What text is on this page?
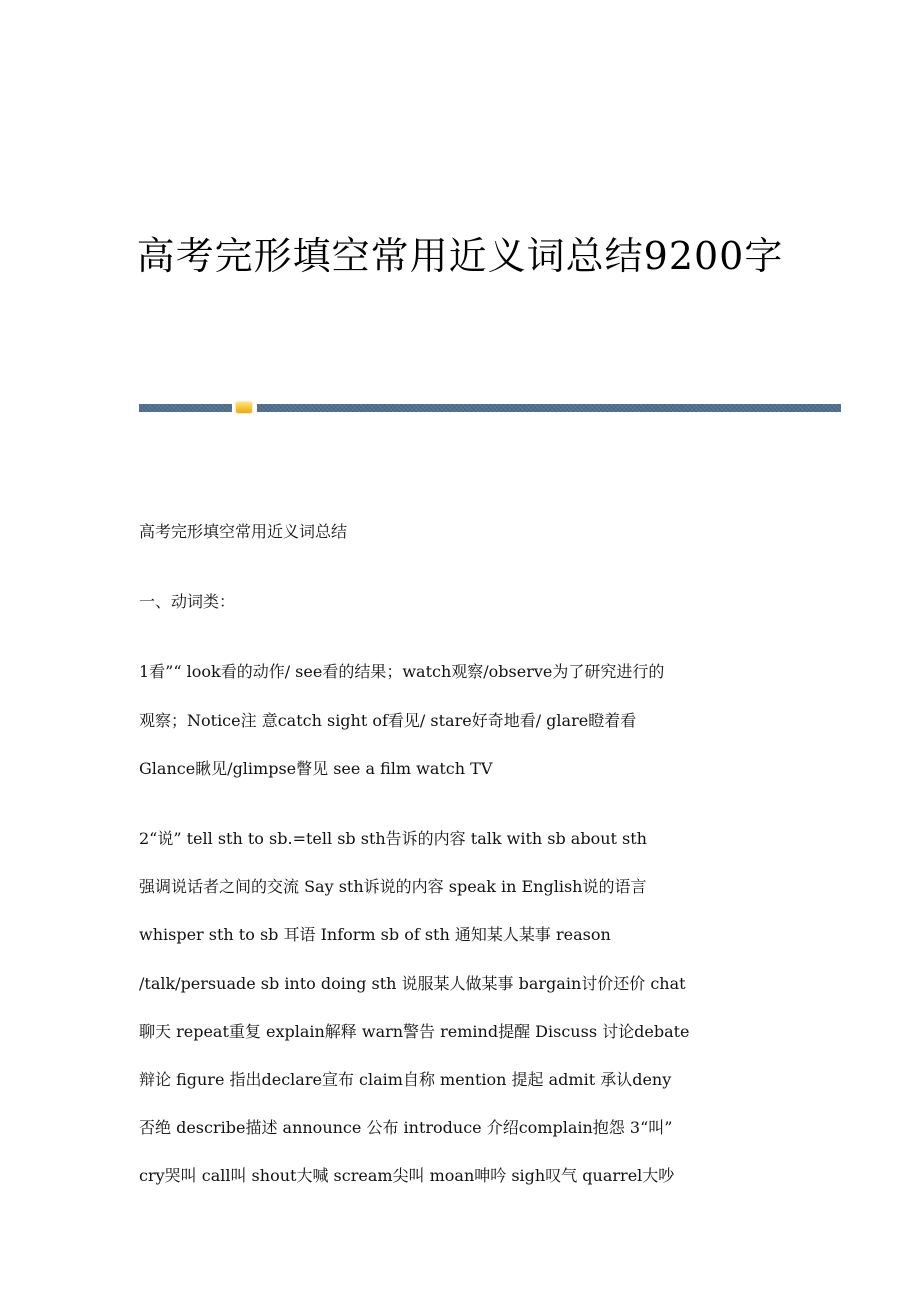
高考完形填空常用近义词总结9200字

高考完形填空常用近义词总结

一、动词类：

1看”“ look看的动作/ see看的结果；watch观察/observe为了研究进行的

观察；Notice注 意catch sight of看见/ stare好奇地看/ glare瞪着看

Glance瞅见/glimpse瞥见 see a film watch TV

2“说” tell sth to sb.=tell sb sth告诉的内容 talk with sb about sth

强调说话者之间的交流 Say sth诉说的内容 speak in English说的语言

whisper sth to sb 耳语 Inform sb of sth 通知某人某事 reason

/talk/persuade sb into doing sth 说服某人做某事 bargain讨价还价 chat

聊天 repeat重复 explain解释 warn警告 remind提醒 Discuss 讨论debate

辩论 figure 指出declare宣布 claim自称 mention 提起 admit 承认deny

否绝 describe描述 announce 公布 introduce 介绍complain抱怨 3“叫”

cry哭叫 call叫 shout大喊 scream尖叫 moan呻吟 sigh叹气 quarrel大吵
